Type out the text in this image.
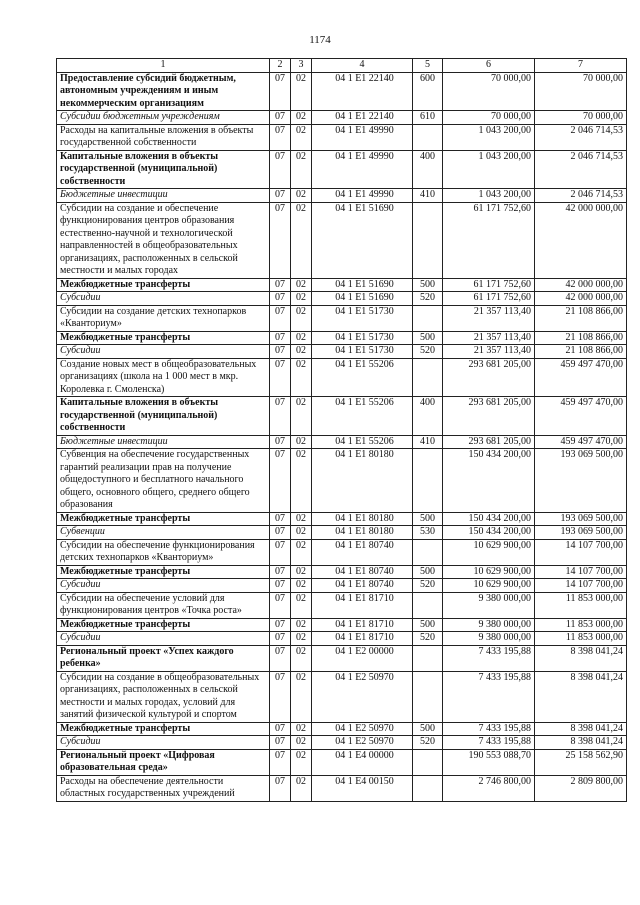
1174
1	2	3	4	5	6	7
Предоставление субсидий бюджетным, автономным учреждениям и иным некоммерческим организациям	07	02	04 1 E1 22140	600	70 000,00	70 000,00
Субсидии бюджетным учреждениям	07	02	04 1 E1 22140	610	70 000,00	70 000,00
Расходы на капитальные вложения в объекты государственной собственности	07	02	04 1 E1 49990		1 043 200,00	2 046 714,53
Капитальные вложения в объекты государственной (муниципальной) собственности	07	02	04 1 E1 49990	400	1 043 200,00	2 046 714,53
Бюджетные инвестиции	07	02	04 1 E1 49990	410	1 043 200,00	2 046 714,53
Субсидии на создание и обеспечение функционирования центров образования естественно-научной и технологической направленностей в общеобразовательных организациях, расположенных в сельской местности и малых городах	07	02	04 1 E1 51690		61 171 752,60	42 000 000,00
Межбюджетные трансферты	07	02	04 1 E1 51690	500	61 171 752,60	42 000 000,00
Субсидии	07	02	04 1 E1 51690	520	61 171 752,60	42 000 000,00
Субсидии на создание детских технопарков «Кванториум»	07	02	04 1 E1 51730		21 357 113,40	21 108 866,00
Межбюджетные трансферты	07	02	04 1 E1 51730	500	21 357 113,40	21 108 866,00
Субсидии	07	02	04 1 E1 51730	520	21 357 113,40	21 108 866,00
Создание новых мест в общеобразовательных организациях (школа на 1 000 мест в мкр. Королевка г. Смоленска)	07	02	04 1 E1 55206		293 681 205,00	459 497 470,00
Капитальные вложения в объекты государственной (муниципальной) собственности	07	02	04 1 E1 55206	400	293 681 205,00	459 497 470,00
Бюджетные инвестиции	07	02	04 1 E1 55206	410	293 681 205,00	459 497 470,00
Субвенция на обеспечение государственных гарантий реализации прав на получение общедоступного и бесплатного начального общего, основного общего, среднего общего образования	07	02	04 1 E1 80180		150 434 200,00	193 069 500,00
Межбюджетные трансферты	07	02	04 1 E1 80180	500	150 434 200,00	193 069 500,00
Субвенции	07	02	04 1 E1 80180	530	150 434 200,00	193 069 500,00
Субсидии на обеспечение функционирования детских технопарков «Кванториум»	07	02	04 1 E1 80740		10 629 900,00	14 107 700,00
Межбюджетные трансферты	07	02	04 1 E1 80740	500	10 629 900,00	14 107 700,00
Субсидии	07	02	04 1 E1 80740	520	10 629 900,00	14 107 700,00
Субсидии на обеспечение условий для функционирования центров «Точка роста»	07	02	04 1 E1 81710		9 380 000,00	11 853 000,00
Межбюджетные трансферты	07	02	04 1 E1 81710	500	9 380 000,00	11 853 000,00
Субсидии	07	02	04 1 E1 81710	520	9 380 000,00	11 853 000,00
Региональный проект «Успех каждого ребенка»	07	02	04 1 E2 00000		7 433 195,88	8 398 041,24
Субсидии на создание в общеобразовательных организациях, расположенных в сельской местности и малых городах, условий для занятий физической культурой и спортом	07	02	04 1 E2 50970		7 433 195,88	8 398 041,24
Межбюджетные трансферты	07	02	04 1 E2 50970	500	7 433 195,88	8 398 041,24
Субсидии	07	02	04 1 E2 50970	520	7 433 195,88	8 398 041,24
Региональный проект «Цифровая образовательная среда»	07	02	04 1 E4 00000		190 553 088,70	25 158 562,90
Расходы на обеспечение деятельности областных государственных учреждений	07	02	04 1 E4 00150		2 746 800,00	2 809 800,00
